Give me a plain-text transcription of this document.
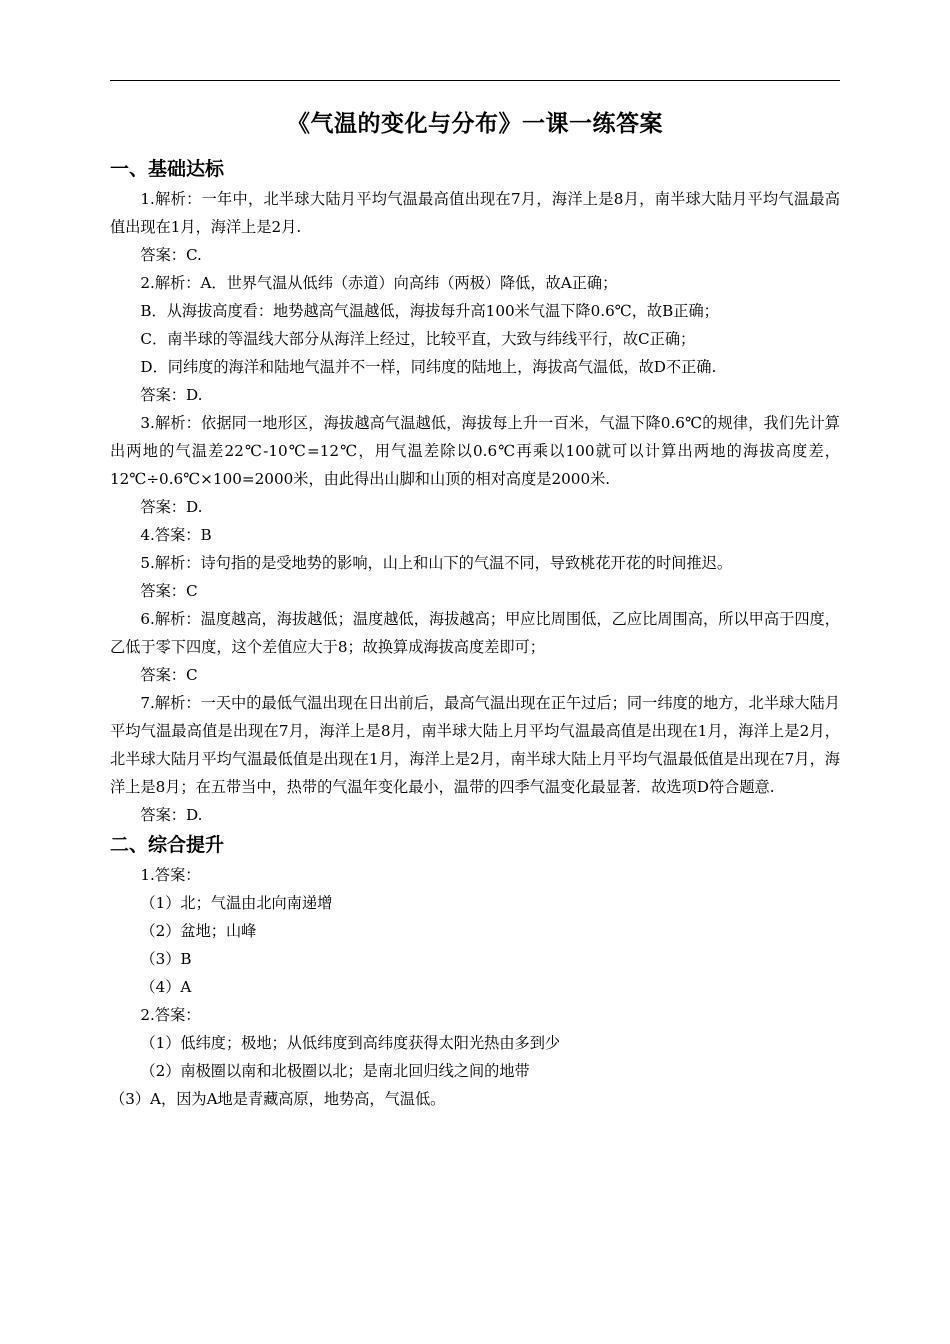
《气温的变化与分布》一课一练答案
一、基础达标
1.解析：一年中，北半球大陆月平均气温最高值出现在7月，海洋上是8月，南半球大陆月平均气温最高值出现在1月，海洋上是2月.
答案：C.
2.解析：A．世界气温从低纬（赤道）向高纬（两极）降低，故A正确；
B．从海拔高度看：地势越高气温越低，海拔每升高100米气温下降0.6℃，故B正确；
C．南半球的等温线大部分从海洋上经过，比较平直，大致与纬线平行，故C正确；
D．同纬度的海洋和陆地气温并不一样，同纬度的陆地上，海拔高气温低，故D不正确.
答案：D.
3.解析：依据同一地形区，海拔越高气温越低，海拔每上升一百米，气温下降0.6℃的规律，我们先计算出两地的气温差22℃-10℃=12℃，用气温差除以0.6℃再乘以100就可以计算出两地的海拔高度差，12℃÷0.6℃×100=2000米，由此得出山脚和山顶的相对高度是2000米.
答案：D.
4.答案：B
5.解析：诗句指的是受地势的影响，山上和山下的气温不同，导致桃花开花的时间推迟。
答案：C
6.解析：温度越高，海拔越低；温度越低，海拔越高；甲应比周围低，乙应比周围高，所以甲高于四度，乙低于零下四度，这个差值应大于8；故换算成海拔高度差即可；
答案：C
7.解析：一天中的最低气温出现在日出前后，最高气温出现在正午过后；同一纬度的地方，北半球大陆月平均气温最高值是出现在7月，海洋上是8月，南半球大陆上月平均气温最高值是出现在1月，海洋上是2月，北半球大陆月平均气温最低值是出现在1月，海洋上是2月，南半球大陆上月平均气温最低值是出现在7月，海洋上是8月；在五带当中，热带的气温年变化最小，温带的四季气温变化最显著．故选项D符合题意.
答案：D.
二、综合提升
1.答案：
（1）北；气温由北向南递增
（2）盆地；山峰
（3）B
（4）A
2.答案：
（1）低纬度；极地；从低纬度到高纬度获得太阳光热由多到少
（2）南极圈以南和北极圈以北；是南北回归线之间的地带
（3）A，因为A地是青藏高原，地势高，气温低。
